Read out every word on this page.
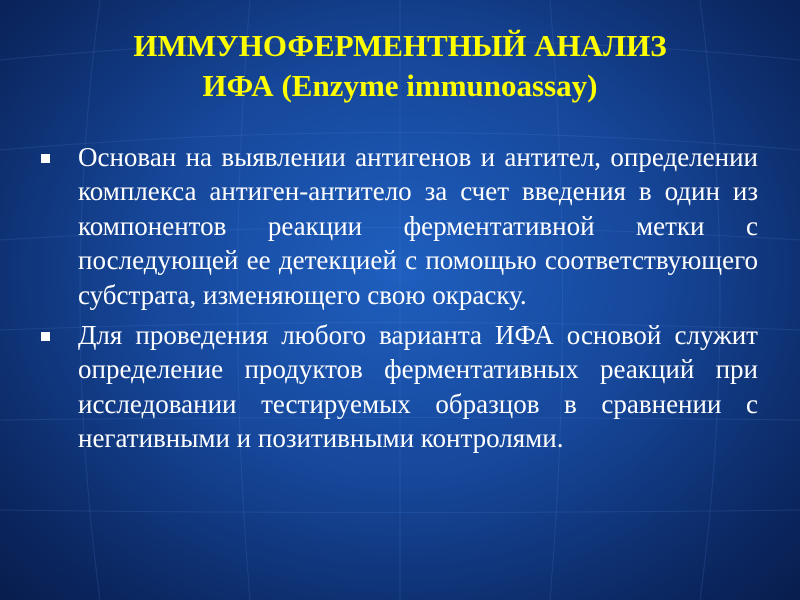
ИММУНОФЕРМЕНТНЫЙ АНАЛИЗ
ИФА (Enzyme immunoassay)
Основан на выявлении антигенов и антител, определении комплекса антиген-антитело за счет введения в один из компонентов реакции ферментативной метки с последующей ее детекцией с помощью соответствующего субстрата, изменяющего свою окраску.
Для проведения любого варианта ИФА основой служит определение продуктов ферментативных реакций при исследовании тестируемых образцов в сравнении с негативными и позитивными контролями.
